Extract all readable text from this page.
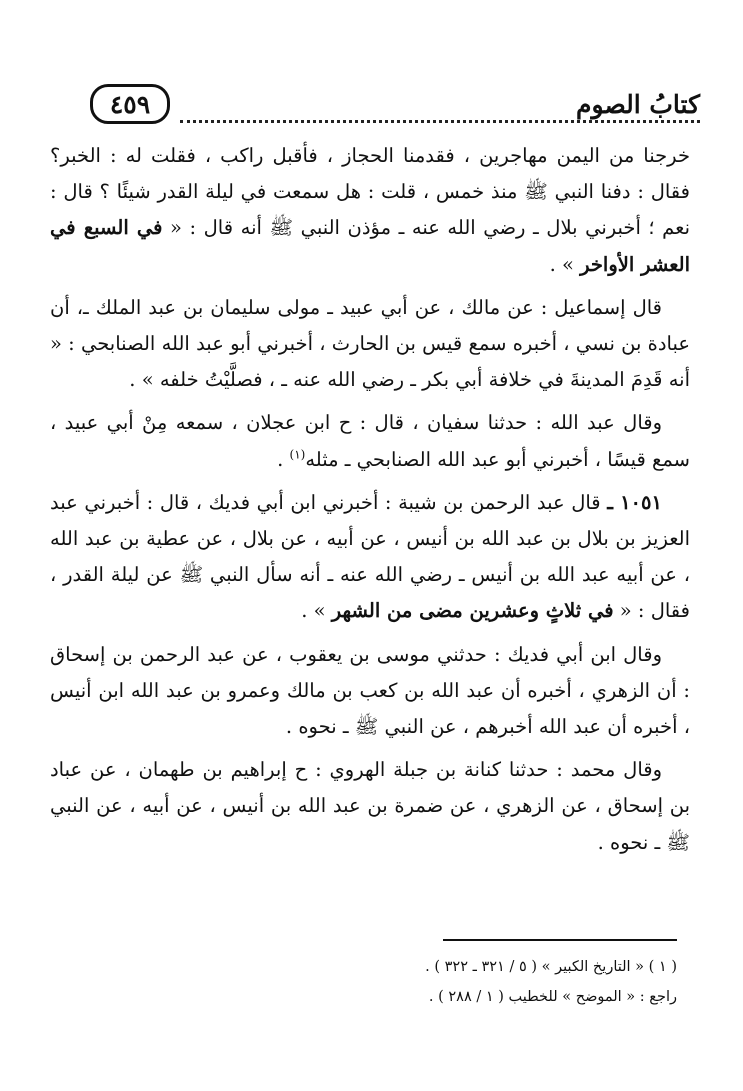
كتابُ الصوم
٤٥٩

خرجنا من اليمن مهاجرين ، فقدمنا الحجاز ، فأقبل راكب ، فقلت له : الخبر؟ فقال : دفنا النبي ﷺ منذ خمس ، قلت : هل سمعت في ليلة القدر شيئًا ؟ قال : نعم ؛ أخبرني بلال ـ رضي الله عنه ـ مؤذن النبي ﷺ أنه قال : « في السبع في العشر الأواخر » .

قال إسماعيل : عن مالك ، عن أبي عبيد ـ مولى سليمان بن عبد الملك ـ، أن عبادة بن نسي ، أخبره سمع قيس بن الحارث ، أخبرني أبو عبد الله الصنابحي : « أنه قَدِمَ المدينةَ في خلافة أبي بكر ـ رضي الله عنه ـ ، فصلَّيْتُ خلفه » .

وقال عبد الله : حدثنا سفيان ، قال : ح ابن عجلان ، سمعه مِنْ أبي عبيد ، سمع قيسًا ، أخبرني أبو عبد الله الصنابحي ـ مثله$^{(١)}$ .

١٠٥١ ـ قال عبد الرحمن بن شيبة : أخبرني ابن أبي فديك ، قال : أخبرني عبد العزيز بن بلال بن عبد الله بن أنيس ، عن أبيه ، عن بلال ، عن عطية بن عبد الله ، عن أبيه عبد الله بن أنيس ـ رضي الله عنه ـ أنه سأل النبي ﷺ عن ليلة القدر ، فقال : « في ثلاثٍ وعشرين مضى من الشهر » .

وقال ابن أبي فديك : حدثني موسى بن يعقوب ، عن عبد الرحمن بن إسحاق : أن الزهري ، أخبره أن عبد الله بن كعب بن مالك وعمرو بن عبد الله ابن أنيس ، أخبره أن عبد الله أخبرهم ، عن النبي ﷺ ـ نحوه .

وقال محمد : حدثنا كنانة بن جبلة الهروي : ح إبراهيم بن طهمان ، عن عباد بن إسحاق ، عن الزهري ، عن ضمرة بن عبد الله بن أنيس ، عن أبيه ، عن النبي ﷺ ـ نحوه .

( ١ ) « التاريخ الكبير » ( ٥ / ٣٢١ ـ ٣٢٢ ) .

راجع : « الموضح » للخطيب ( ١ / ٢٨٨ ) .
